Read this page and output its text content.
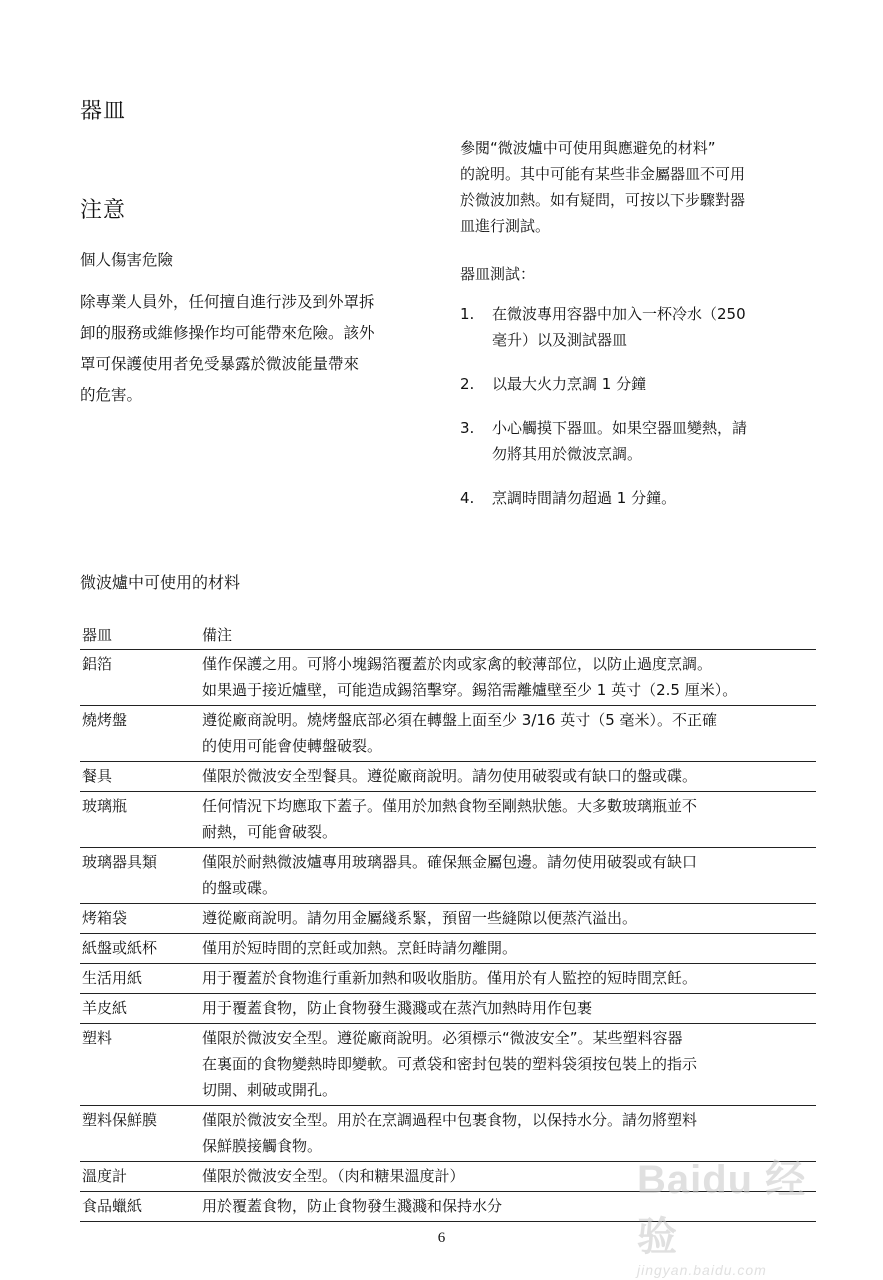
器皿
注意
個人傷害危險
除專業人員外，任何擅自進行涉及到外罩拆
卸的服務或維修操作均可能帶來危險。該外
罩可保護使用者免受暴露於微波能量帶來
的危害。
參閱“微波爐中可使用與應避免的材料”
的說明。其中可能有某些非金屬器皿不可用
於微波加熱。如有疑問，可按以下步驟對器
皿進行測試。
器皿測試：
1. 在微波專用容器中加入一杯冷水（250
毫升）以及測試器皿
2. 以最大火力烹調 1 分鐘
3. 小心觸摸下器皿。如果空器皿變熱，請
勿將其用於微波烹調。
4. 烹調時間請勿超過 1 分鐘。
微波爐中可使用的材料
器皿	備注
鋁箔	僅作保護之用。可將小塊錫箔覆蓋於肉或家禽的較薄部位，以防止過度烹調。
如果過于接近爐壁，可能造成錫箔擊穿。錫箔需離爐壁至少 1 英寸（2.5 厘米）。

燒烤盤	遵從廠商說明。燒烤盤底部必須在轉盤上面至少 3/16 英寸（5 毫米）。不正確
的使用可能會使轉盤破裂。

餐具	僅限於微波安全型餐具。遵從廠商說明。請勿使用破裂或有缺口的盤或碟。

玻璃瓶	任何情況下均應取下蓋子。僅用於加熱食物至剛熱狀態。大多數玻璃瓶並不
耐熱，可能會破裂。

玻璃器具類	僅限於耐熱微波爐專用玻璃器具。確保無金屬包邊。請勿使用破裂或有缺口
的盤或碟。

烤箱袋	遵從廠商說明。請勿用金屬綫系緊，預留一些縫隙以便蒸汽溢出。

紙盤或紙杯	僅用於短時間的烹飪或加熱。烹飪時請勿離開。

生活用紙	用于覆蓋於食物進行重新加熱和吸收脂肪。僅用於有人監控的短時間烹飪。

羊皮紙	用于覆蓋食物，防止食物發生濺濺或在蒸汽加熱時用作包裹

塑料	僅限於微波安全型。遵從廠商說明。必須標示“微波安全”。某些塑料容器
在裏面的食物變熱時即變軟。可煮袋和密封包裝的塑料袋須按包裝上的指示
切開、刺破或開孔。

塑料保鮮膜	僅限於微波安全型。用於在烹調過程中包裹食物，以保持水分。請勿將塑料
保鮮膜接觸食物。

溫度計	僅限於微波安全型。（肉和糖果溫度計）

食品蠟紙	用於覆蓋食物，防止食物發生濺濺和保持水分
6
Baidu 经验
jingyan.baidu.com
